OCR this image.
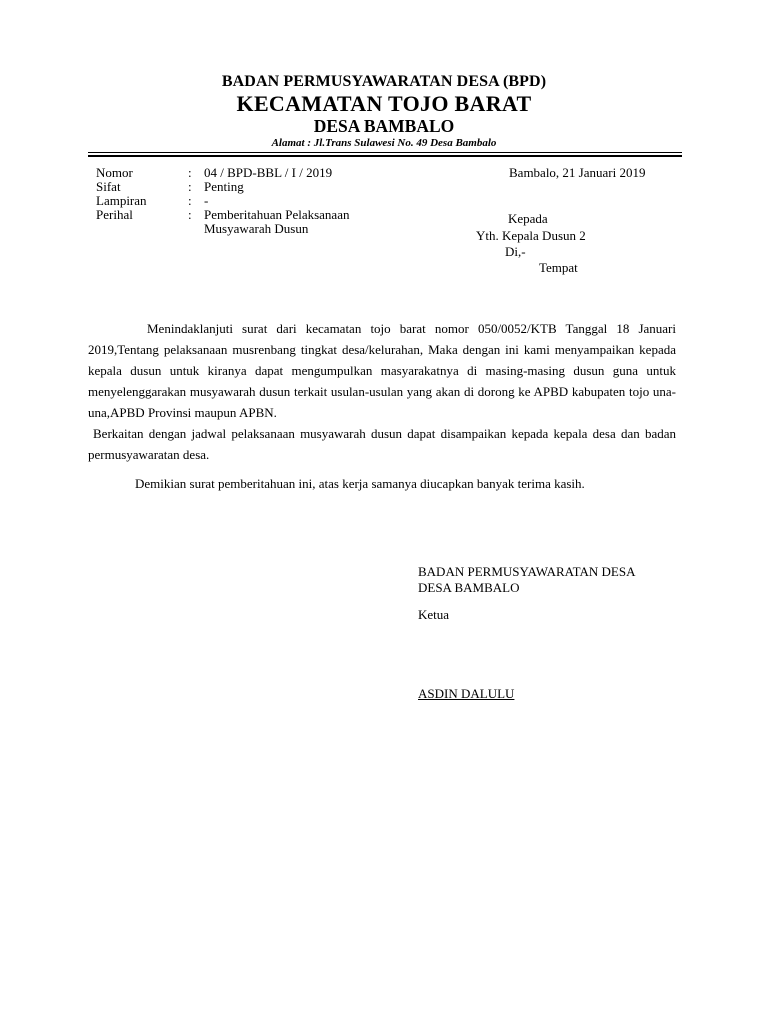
BADAN PERMUSYAWARATAN DESA (BPD)
KECAMATAN TOJO BARAT
DESA BAMBALO
Alamat : Jl.Trans Sulawesi No. 49 Desa Bambalo
Nomor	: 04 / BPD-BBL / I / 2019
Sifat	: Penting
Lampiran	: -
Perihal	: Pemberitahuan Pelaksanaan
Musyawarah Dusun
Bambalo, 21 Januari 2019
Kepada
Yth. Kepala Dusun 2
Di,-
Tempat
Menindaklanjuti surat dari kecamatan tojo barat nomor 050/0052/KTB Tanggal 18 Januari 2019,Tentang pelaksanaan musrenbang tingkat desa/kelurahan, Maka dengan ini kami menyampaikan kepada kepala dusun untuk kiranya dapat mengumpulkan masyarakatnya di masing-masing dusun guna untuk menyelenggarakan musyawarah dusun terkait usulan-usulan yang akan di dorong ke APBD kabupaten tojo una-una,APBD Provinsi maupun APBN.
Berkaitan dengan jadwal pelaksanaan musyawarah dusun dapat disampaikan kepada kepala desa dan badan permusyawaratan desa.
Demikian surat pemberitahuan ini, atas kerja samanya diucapkan banyak terima kasih.
BADAN PERMUSYAWARATAN DESA
DESA BAMBALO
Ketua
ASDIN DALULU
